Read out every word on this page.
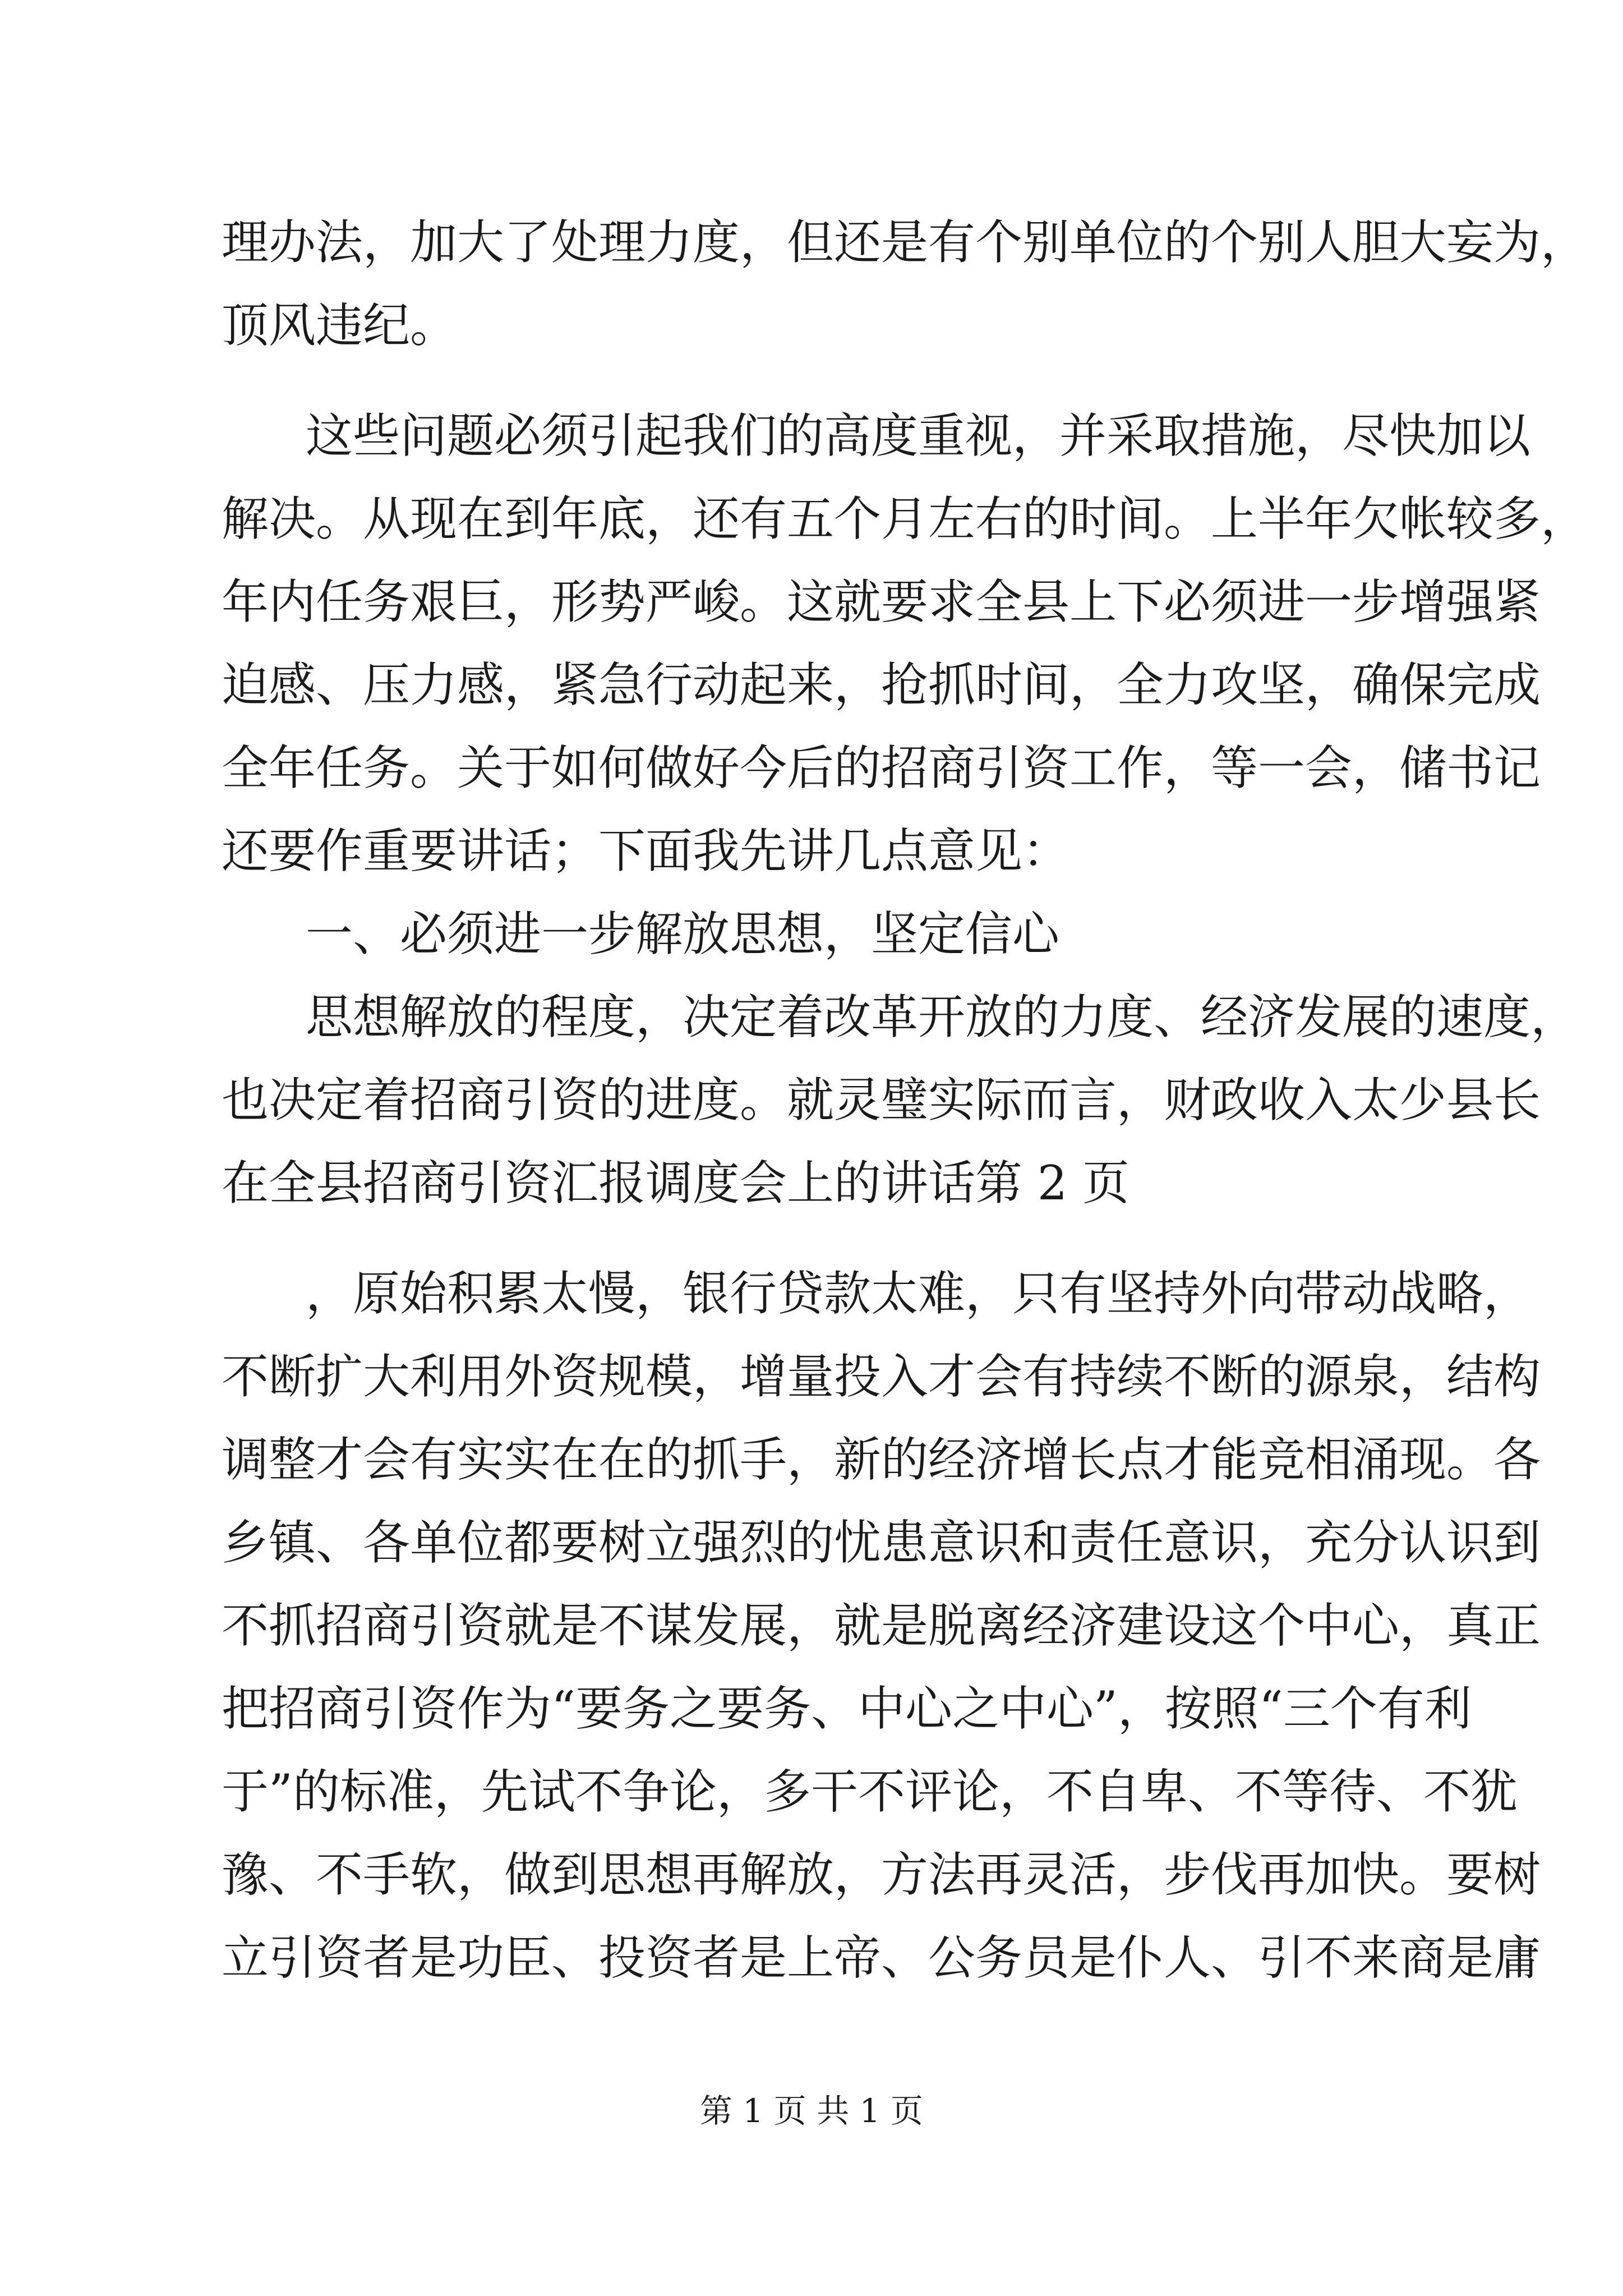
理办法，加大了处理力度，但还是有个别单位的个别人胆大妄为，
顶风违纪。
这些问题必须引起我们的高度重视，并采取措施，尽快加以
解决。从现在到年底，还有五个月左右的时间。上半年欠帐较多，
年内任务艰巨，形势严峻。这就要求全县上下必须进一步增强紧
迫感、压力感，紧急行动起来，抢抓时间，全力攻坚，确保完成
全年任务。关于如何做好今后的招商引资工作，等一会，储书记
还要作重要讲话；下面我先讲几点意见：
一、必须进一步解放思想，坚定信心
思想解放的程度，决定着改革开放的力度、经济发展的速度，
也决定着招商引资的进度。就灵璧实际而言，财政收入太少县长
在全县招商引资汇报调度会上的讲话第 2 页
，原始积累太慢，银行贷款太难，只有坚持外向带动战略，
不断扩大利用外资规模，增量投入才会有持续不断的源泉，结构
调整才会有实实在在的抓手，新的经济增长点才能竞相涌现。各
乡镇、各单位都要树立强烈的忧患意识和责任意识，充分认识到
不抓招商引资就是不谋发展，就是脱离经济建设这个中心，真正
把招商引资作为“要务之要务、中心之中心”，按照“三个有利
于”的标准，先试不争论，多干不评论，不自卑、不等待、不犹
豫、不手软，做到思想再解放，方法再灵活，步伐再加快。要树
立引资者是功臣、投资者是上帝、公务员是仆人、引不来商是庸
第 1 页 共 1 页
